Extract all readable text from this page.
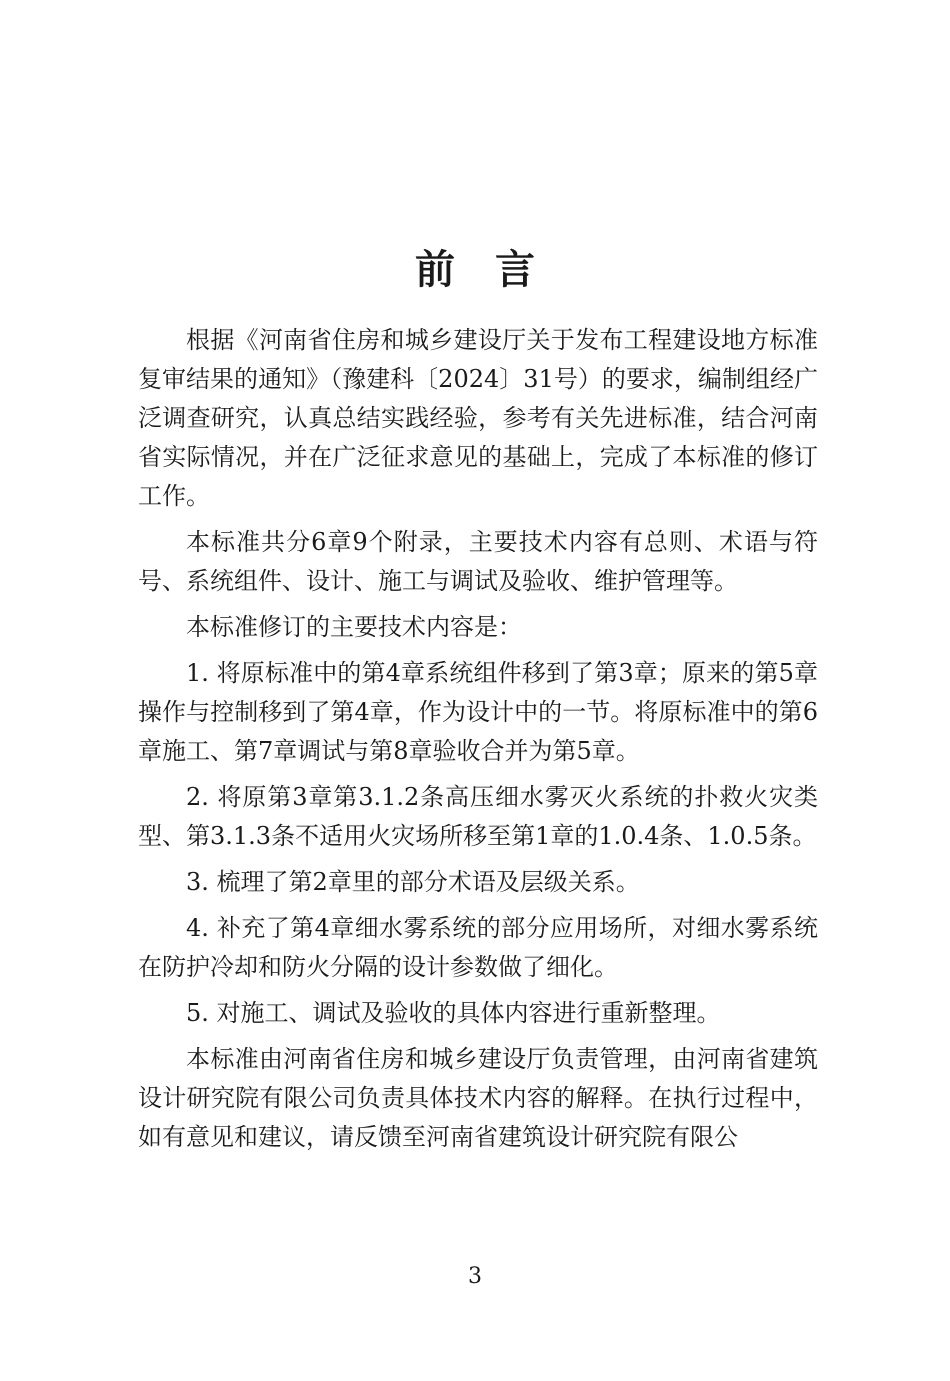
前言

根据《河南省住房和城乡建设厅关于发布工程建设地方标准复审结果的通知》（豫建科〔2024〕31号）的要求，编制组经广泛调查研究，认真总结实践经验，参考有关先进标准，结合河南省实际情况，并在广泛征求意见的基础上，完成了本标准的修订工作。

本标准共分6章9个附录，主要技术内容有总则、术语与符号、系统组件、设计、施工与调试及验收、维护管理等。

本标准修订的主要技术内容是：

1. 将原标准中的第4章系统组件移到了第3章；原来的第5章操作与控制移到了第4章，作为设计中的一节。将原标准中的第6章施工、第7章调试与第8章验收合并为第5章。

2. 将原第3章第3.1.2条高压细水雾灭火系统的扑救火灾类型、第3.1.3条不适用火灾场所移至第1章的1.0.4条、1.0.5条。

3. 梳理了第2章里的部分术语及层级关系。

4. 补充了第4章细水雾系统的部分应用场所，对细水雾系统在防护冷却和防火分隔的设计参数做了细化。

5. 对施工、调试及验收的具体内容进行重新整理。

本标准由河南省住房和城乡建设厅负责管理，由河南省建筑设计研究院有限公司负责具体技术内容的解释。在执行过程中，如有意见和建议，请反馈至河南省建筑设计研究院有限公

3
